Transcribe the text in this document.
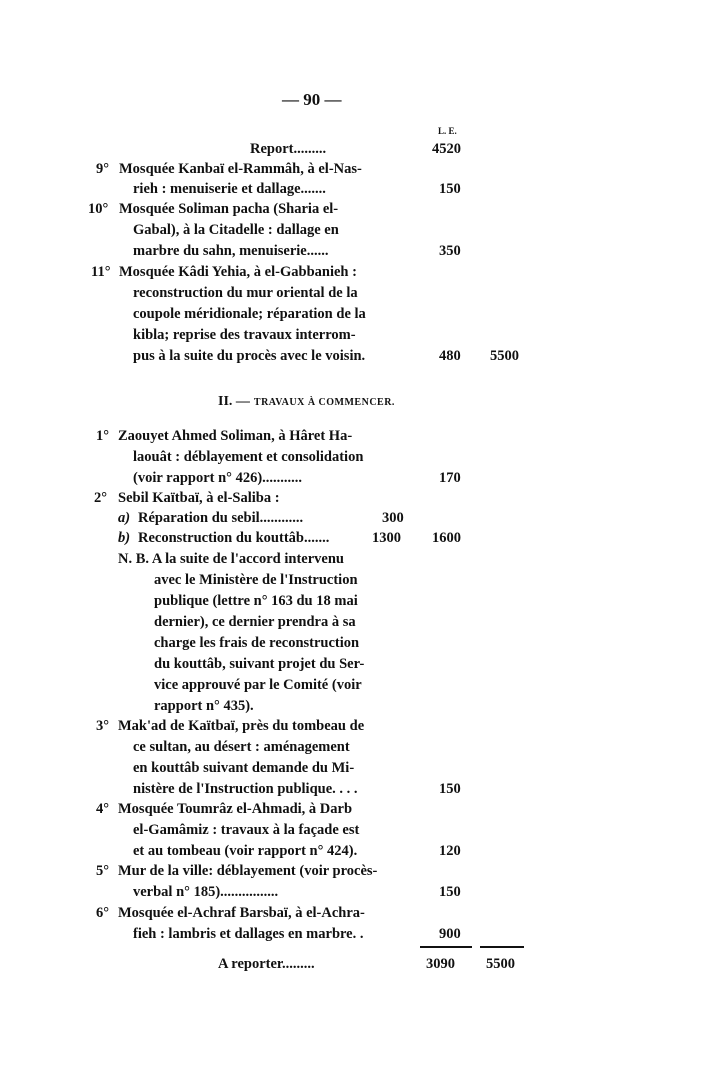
— 90 —
L. E.
Report.........	4520
9° Mosquée Kanbaï el-Rammâh, à el-Nas-
rieh : menuiserie et dallage.......	150
10° Mosquée Soliman pacha (Sharia el-
Gabal), à la Citadelle : dallage en
marbre du sahn, menuiserie......	350
11° Mosquée Kâdi Yehia, à el-Gabbanieh :
reconstruction du mur oriental de la
coupole méridionale; réparation de la
kibla; reprise des travaux interrom-
pus à la suite du procès avec le voisin.	480 5500
II. — TRAVAUX À COMMENCER.
1° Zaouyet Ahmed Soliman, à Hâret Ha-
laouât : déblayement et consolidation
(voir rapport n° 426)...........	170
2° Sebil Kaïtbaï, à el-Saliba :
a) Réparation du sebil............	300
b) Reconstruction du kouttâb.......	1300 1600
N. B. A la suite de l'accord intervenu
avec le Ministère de l'Instruction
publique (lettre n° 163 du 18 mai
dernier), ce dernier prendra à sa
charge les frais de reconstruction
du kouttâb, suivant projet du Ser-
vice approuvé par le Comité (voir
rapport n° 435).
3° Mak'ad de Kaïtbaï, près du tombeau de
ce sultan, au désert : aménagement
en kouttâb suivant demande du Mi-
nistère de l'Instruction publique. . . .	150
4° Mosquée Toumrâz el-Ahmadi, à Darb
el-Gamâmiz : travaux à la façade est
et au tombeau (voir rapport n° 424).	120
5° Mur de la ville: déblayement (voir procès-
verbal n° 185)................	150
6° Mosquée el-Achraf Barsbaï, à el-Achra-
fieh : lambris et dallages en marbre. .	900
A reporter.........	3090 5500
